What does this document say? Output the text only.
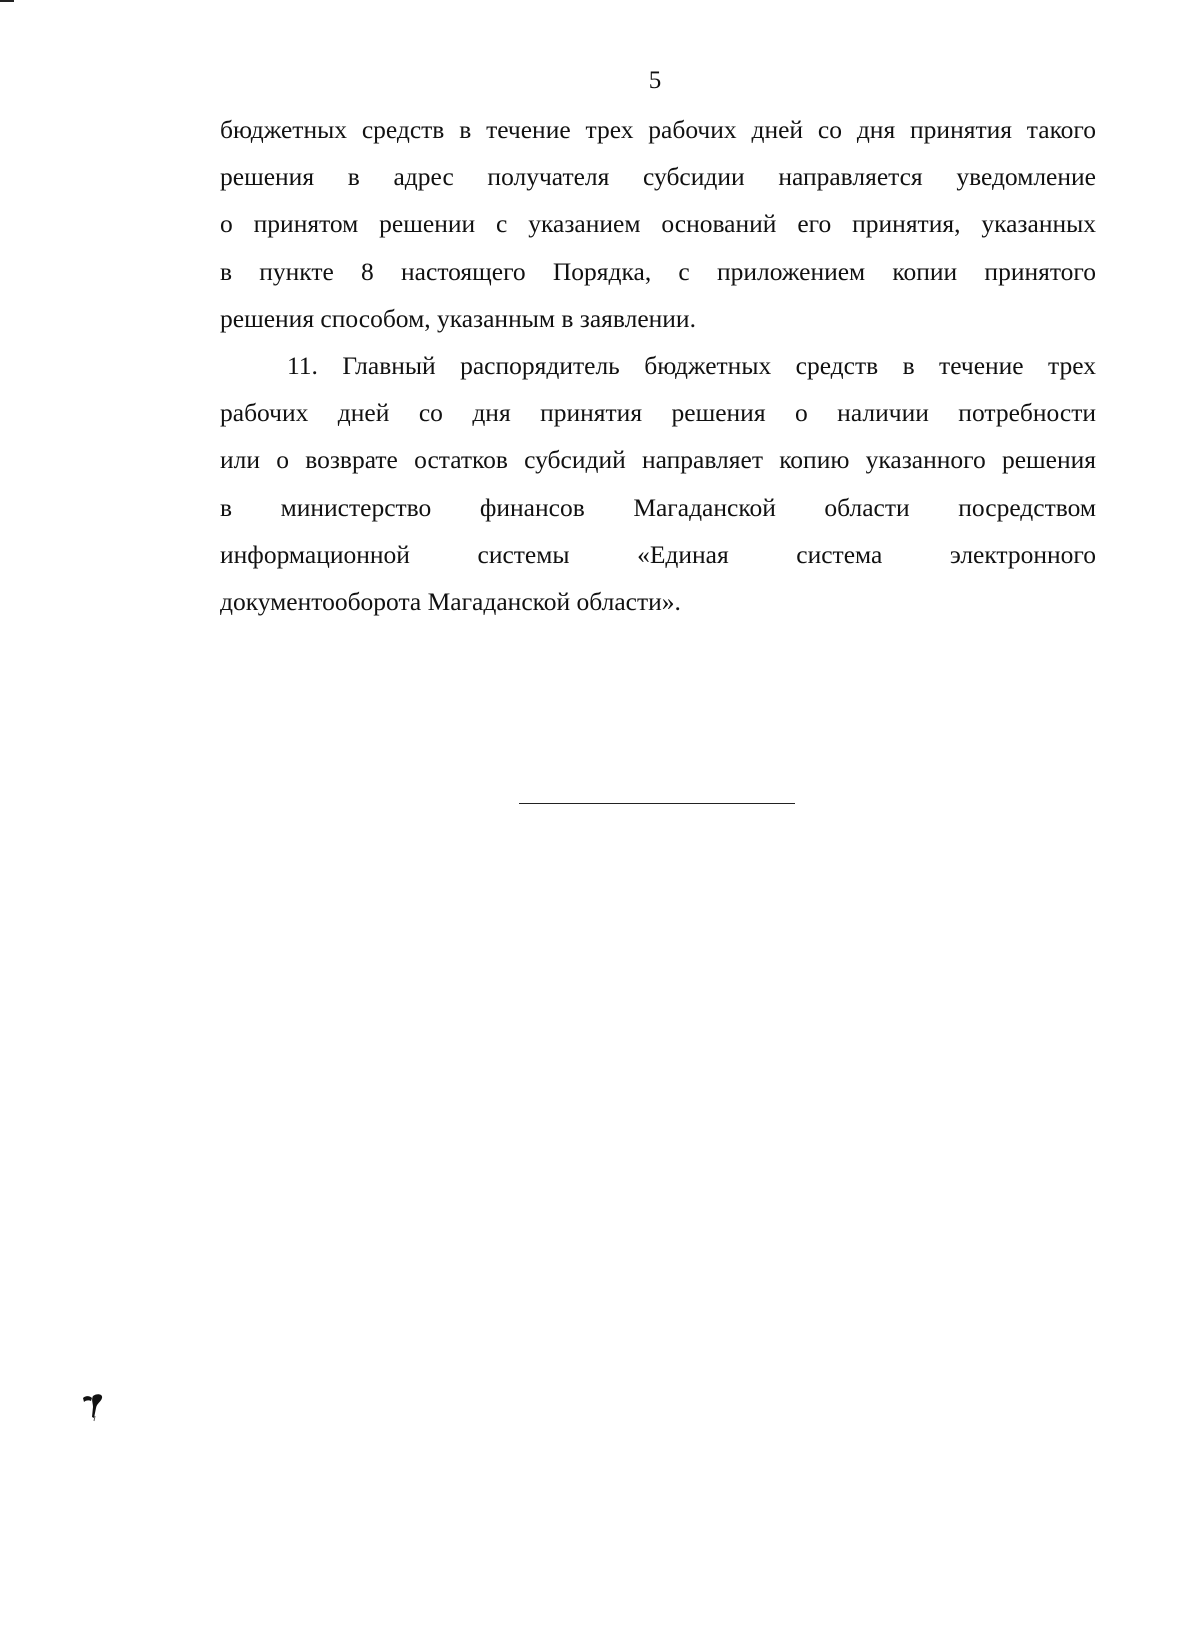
5
бюджетных средств в течение трех рабочих дней со дня принятия такого
решения в адрес получателя субсидии направляется уведомление
о принятом решении с указанием оснований его принятия, указанных
в пункте 8 настоящего Порядка, с приложением копии принятого
решения способом, указанным в заявлении.
11. Главный распорядитель бюджетных средств в течение трех
рабочих дней со дня принятия решения о наличии потребности
или о возврате остатков субсидий направляет копию указанного решения
в министерство финансов Магаданской области посредством
информационной системы «Единая система электронного
документооборота Магаданской области».
